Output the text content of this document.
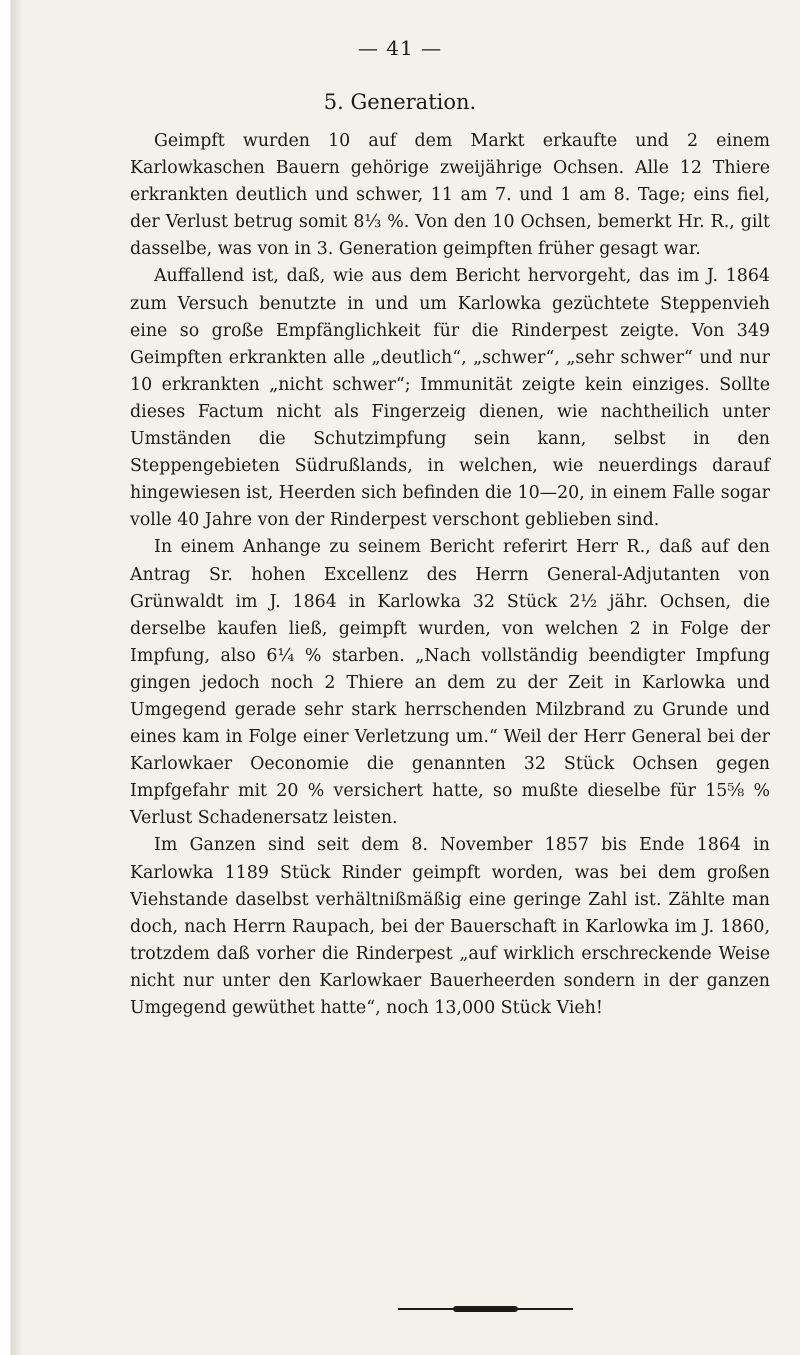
— 41 —
5. Generation.

Geimpft wurden 10 auf dem Markt erkaufte und 2 einem Karlowkaschen Bauern gehörige zweijährige Ochsen. Alle 12 Thiere erkrankten deutlich und schwer, 11 am 7. und 1 am 8. Tage; eins fiel, der Verlust betrug somit 8⅓ %. Von den 10 Ochsen, bemerkt Hr. R., gilt dasselbe, was von in 3. Generation geimpften früher gesagt war.

Auffallend ist, daß, wie aus dem Bericht hervorgeht, das im J. 1864 zum Versuch benutzte in und um Karlowka gezüchtete Steppenvieh eine so große Empfänglichkeit für die Rinderpest zeigte. Von 349 Geimpften erkrankten alle „deutlich“, „schwer“, „sehr schwer“ und nur 10 erkrankten „nicht schwer“; Immunität zeigte kein einziges. Sollte dieses Factum nicht als Fingerzeig dienen, wie nachtheilich unter Umständen die Schutzimpfung sein kann, selbst in den Steppengebieten Südrußlands, in welchen, wie neuerdings darauf hingewiesen ist, Heerden sich befinden die 10—20, in einem Falle sogar volle 40 Jahre von der Rinderpest verschont geblieben sind.

In einem Anhange zu seinem Bericht referirt Herr R., daß auf den Antrag Sr. hohen Excellenz des Herrn General-Adjutanten von Grünwaldt im J. 1864 in Karlowka 32 Stück 2½ jähr. Ochsen, die derselbe kaufen ließ, geimpft wurden, von welchen 2 in Folge der Impfung, also 6¼ % starben. „Nach vollständig beendigter Impfung gingen jedoch noch 2 Thiere an dem zu der Zeit in Karlowka und Umgegend gerade sehr stark herrschenden Milzbrand zu Grunde und eines kam in Folge einer Verletzung um.“ Weil der Herr General bei der Karlowkaer Oeconomie die genannten 32 Stück Ochsen gegen Impfgefahr mit 20 % versichert hatte, so mußte dieselbe für 15⅝ % Verlust Schadenersatz leisten.

Im Ganzen sind seit dem 8. November 1857 bis Ende 1864 in Karlowka 1189 Stück Rinder geimpft worden, was bei dem großen Viehstande daselbst verhältnißmäßig eine geringe Zahl ist. Zählte man doch, nach Herrn Raupach, bei der Bauerschaft in Karlowka im J. 1860, trotzdem daß vorher die Rinderpest „auf wirklich erschreckende Weise nicht nur unter den Karlowkaer Bauerheerden sondern in der ganzen Umgegend gewüthet hatte“, noch 13,000 Stück Vieh!
